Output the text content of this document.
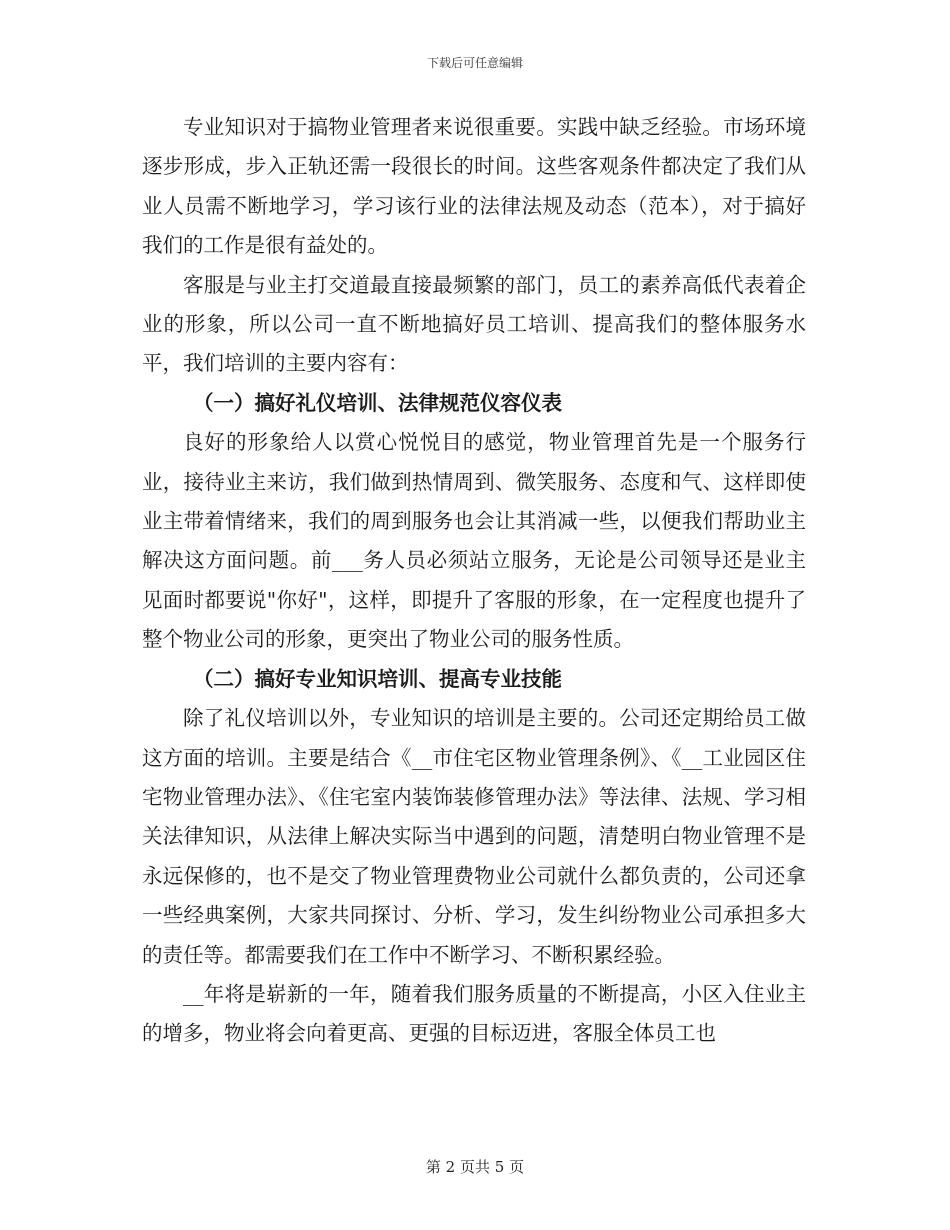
下载后可任意编辑

专业知识对于搞物业管理者来说很重要。实践中缺乏经验。市场环境逐步形成，步入正轨还需一段很长的时间。这些客观条件都决定了我们从业人员需不断地学习，学习该行业的法律法规及动态（范本），对于搞好我们的工作是很有益处的。

客服是与业主打交道最直接最频繁的部门，员工的素养高低代表着企业的形象，所以公司一直不断地搞好员工培训、提高我们的整体服务水平，我们培训的主要内容有：

（一）搞好礼仪培训、法律规范仪容仪表

良好的形象给人以赏心悦悦目的感觉，物业管理首先是一个服务行业，接待业主来访，我们做到热情周到、微笑服务、态度和气、这样即使业主带着情绪来，我们的周到服务也会让其消减一些，以便我们帮助业主解决这方面问题。前___务人员必须站立服务，无论是公司领导还是业主见面时都要说"你好"，这样，即提升了客服的形象，在一定程度也提升了整个物业公司的形象，更突出了物业公司的服务性质。

（二）搞好专业知识培训、提高专业技能

除了礼仪培训以外，专业知识的培训是主要的。公司还定期给员工做这方面的培训。主要是结合《__市住宅区物业管理条例》、《__工业园区住宅物业管理办法》、《住宅室内装饰装修管理办法》等法律、法规、学习相关法律知识，从法律上解决实际当中遇到的问题，清楚明白物业管理不是永远保修的，也不是交了物业管理费物业公司就什么都负责的，公司还拿一些经典案例，大家共同探讨、分析、学习，发生纠纷物业公司承担多大的责任等。都需要我们在工作中不断学习、不断积累经验。

__年将是崭新的一年，随着我们服务质量的不断提高，小区入住业主的增多，物业将会向着更高、更强的目标迈进，客服全体员工也

第 2 页共 5 页
